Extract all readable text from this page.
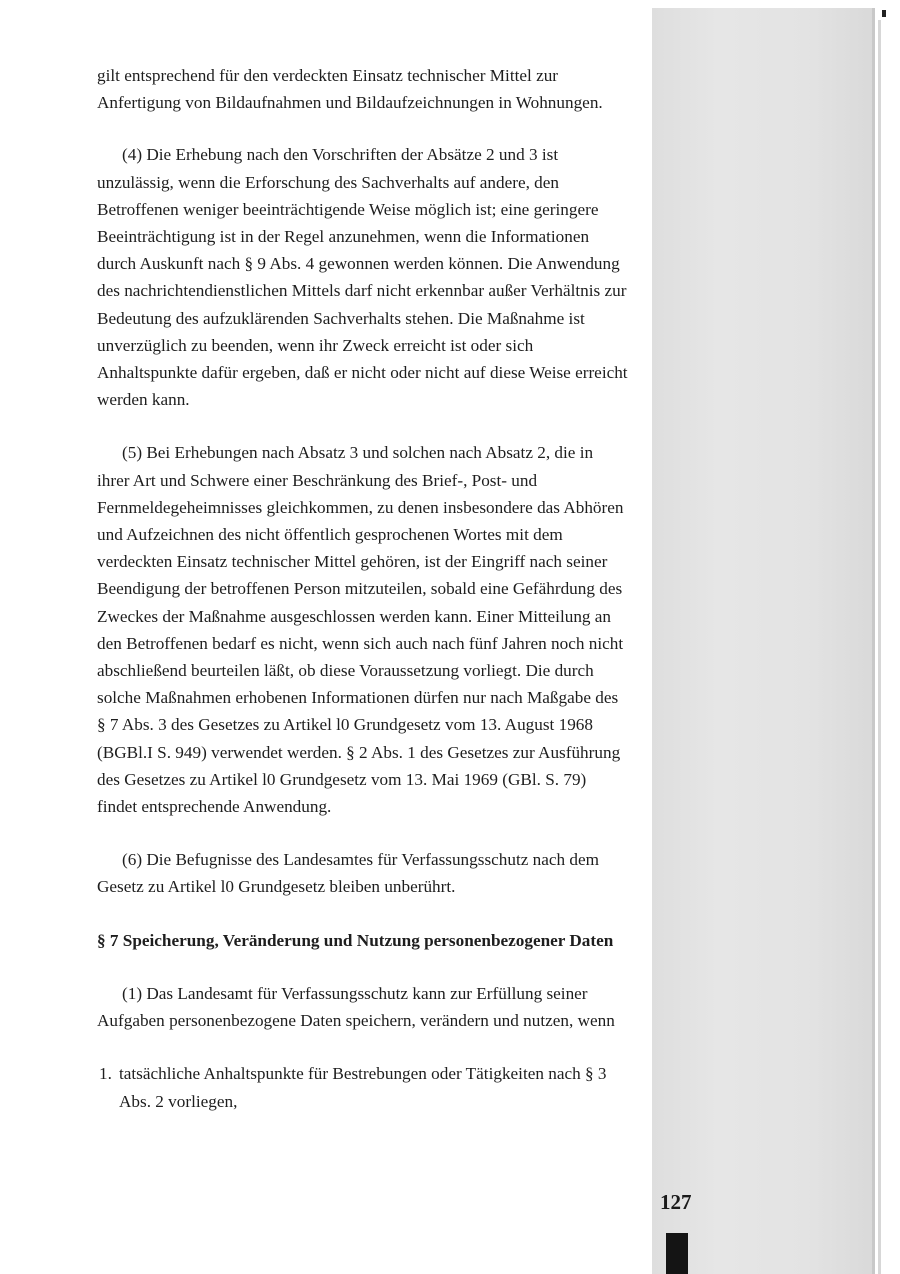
gilt entsprechend für den verdeckten Einsatz technischer Mittel zur Anfertigung von Bildaufnahmen und Bildaufzeichnungen in Wohnungen.

(4) Die Erhebung nach den Vorschriften der Absätze 2 und 3 ist unzulässig, wenn die Erforschung des Sachverhalts auf andere, den Betroffenen weniger beeinträchtigende Weise möglich ist; eine geringere Beeinträchtigung ist in der Regel anzunehmen, wenn die Informationen durch Auskunft nach § 9 Abs. 4 gewonnen werden können. Die Anwendung des nachrichtendienstlichen Mittels darf nicht erkennbar außer Verhältnis zur Bedeutung des aufzuklärenden Sachverhalts stehen. Die Maßnahme ist unverzüglich zu beenden, wenn ihr Zweck erreicht ist oder sich Anhaltspunkte dafür ergeben, daß er nicht oder nicht auf diese Weise erreicht werden kann.

(5) Bei Erhebungen nach Absatz 3 und solchen nach Absatz 2, die in ihrer Art und Schwere einer Beschränkung des Brief-, Post- und Fernmeldegeheimnisses gleichkommen, zu denen insbesondere das Abhören und Aufzeichnen des nicht öffentlich gesprochenen Wortes mit dem verdeckten Einsatz technischer Mittel gehören, ist der Eingriff nach seiner Beendigung der betroffenen Person mitzuteilen, sobald eine Gefährdung des Zweckes der Maßnahme ausgeschlossen werden kann. Einer Mitteilung an den Betroffenen bedarf es nicht, wenn sich auch nach fünf Jahren noch nicht abschließend beurteilen läßt, ob diese Voraussetzung vorliegt. Die durch solche Maßnahmen erhobenen Informationen dürfen nur nach Maßgabe des § 7 Abs. 3 des Gesetzes zu Artikel l0 Grundgesetz vom 13. August 1968 (BGBl.I S. 949) verwendet werden. § 2 Abs. 1 des Gesetzes zur Ausführung des Gesetzes zu Artikel l0 Grundgesetz vom 13. Mai 1969 (GBl. S. 79) findet entsprechende Anwendung.

(6) Die Befugnisse des Landesamtes für Verfassungsschutz nach dem Gesetz zu Artikel l0 Grundgesetz bleiben unberührt.

§ 7 Speicherung, Veränderung und Nutzung personenbezogener Daten

(1) Das Landesamt für Verfassungsschutz kann zur Erfüllung seiner Aufgaben personenbezogene Daten speichern, verändern und nutzen, wenn

1. tatsächliche Anhaltspunkte für Bestrebungen oder Tätigkeiten nach § 3 Abs. 2 vorliegen,

127
